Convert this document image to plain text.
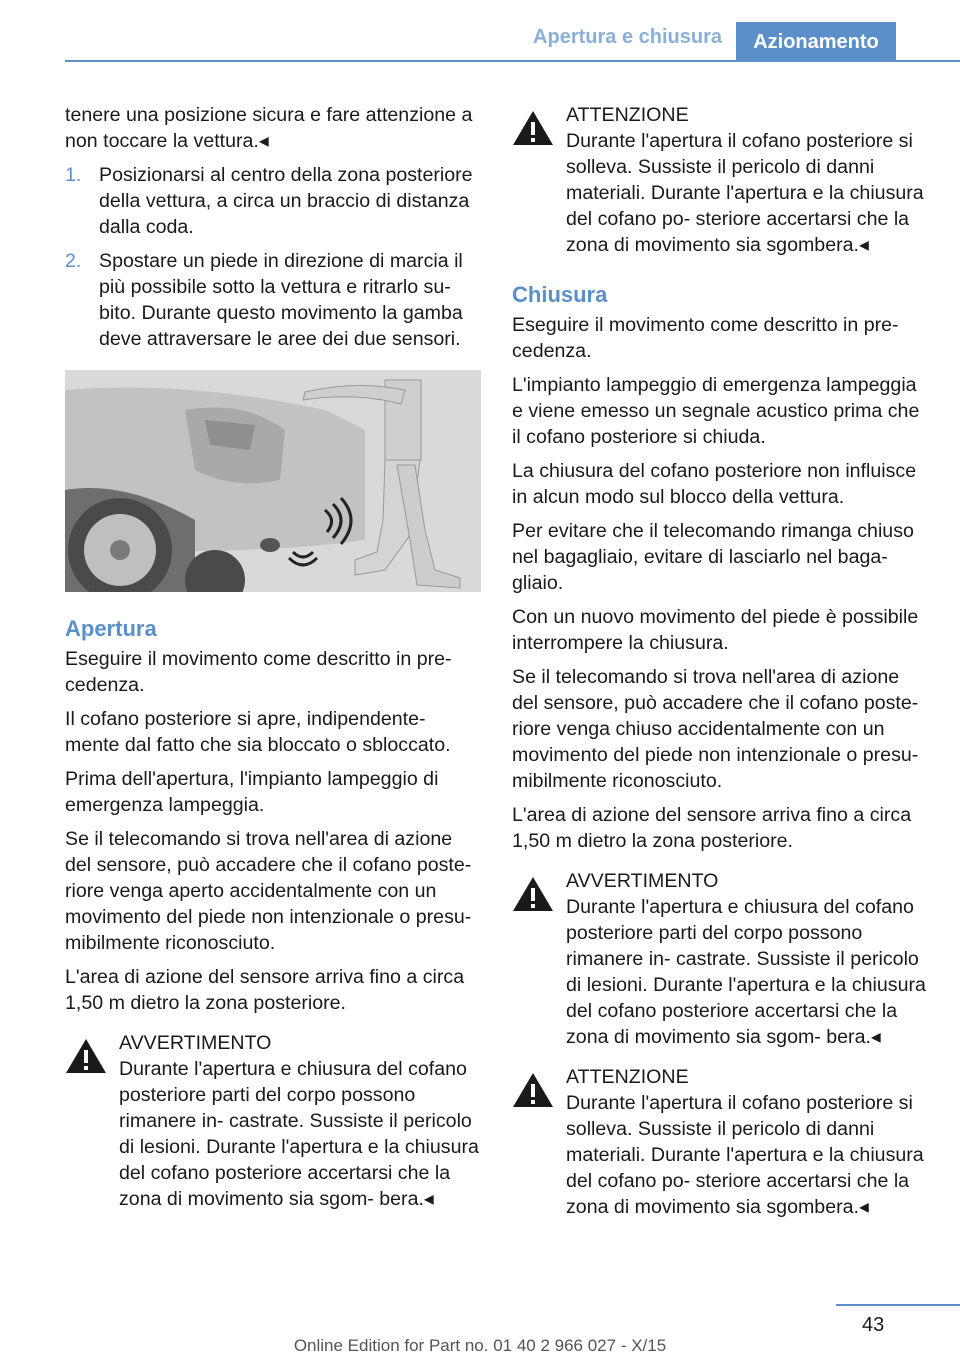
Apertura e chiusura	Azionamento

tenere una posizione sicura e fare attenzione a non toccare la vettura.◂

1. Posizionarsi al centro della zona posteriore della vettura, a circa un braccio di distanza dalla coda.
2. Spostare un piede in direzione di marcia il più possibile sotto la vettura e ritrarlo su- bito. Durante questo movimento la gamba deve attraversare le aree dei due sensori.
Apertura

Eseguire il movimento come descritto in pre- cedenza.

Il cofano posteriore si apre, indipendente- mente dal fatto che sia bloccato o sbloccato.

Prima dell'apertura, l'impianto lampeggio di emergenza lampeggia.

Se il telecomando si trova nell'area di azione del sensore, può accadere che il cofano poste- riore venga aperto accidentalmente con un movimento del piede non intenzionale o presu- mibilmente riconosciuto.

L'area di azione del sensore arriva fino a circa 1,50 m dietro la zona posteriore.

AVVERTIMENTO
Durante l'apertura e chiusura del cofano posteriore parti del corpo possono rimanere in- castrate. Sussiste il pericolo di lesioni. Durante l'apertura e la chiusura del cofano posteriore accertarsi che la zona di movimento sia sgom- bera.◂
ATTENZIONE
Durante l'apertura il cofano posteriore si solleva. Sussiste il pericolo di danni materiali. Durante l'apertura e la chiusura del cofano po- steriore accertarsi che la zona di movimento sia sgombera.◂
Chiusura

Eseguire il movimento come descritto in pre- cedenza.

L'impianto lampeggio di emergenza lampeggia e viene emesso un segnale acustico prima che il cofano posteriore si chiuda.

La chiusura del cofano posteriore non influisce in alcun modo sul blocco della vettura.

Per evitare che il telecomando rimanga chiuso nel bagagliaio, evitare di lasciarlo nel baga- gliaio.

Con un nuovo movimento del piede è possibile interrompere la chiusura.

Se il telecomando si trova nell'area di azione del sensore, può accadere che il cofano poste- riore venga chiuso accidentalmente con un movimento del piede non intenzionale o presu- mibilmente riconosciuto.

L'area di azione del sensore arriva fino a circa 1,50 m dietro la zona posteriore.

AVVERTIMENTO
Durante l'apertura e chiusura del cofano posteriore parti del corpo possono rimanere in- castrate. Sussiste il pericolo di lesioni. Durante l'apertura e la chiusura del cofano posteriore accertarsi che la zona di movimento sia sgom- bera.◂
ATTENZIONE
Durante l'apertura il cofano posteriore si solleva. Sussiste il pericolo di danni materiali. Durante l'apertura e la chiusura del cofano po- steriore accertarsi che la zona di movimento sia sgombera.◂
43
Online Edition for Part no. 01 40 2 966 027 - X/15
